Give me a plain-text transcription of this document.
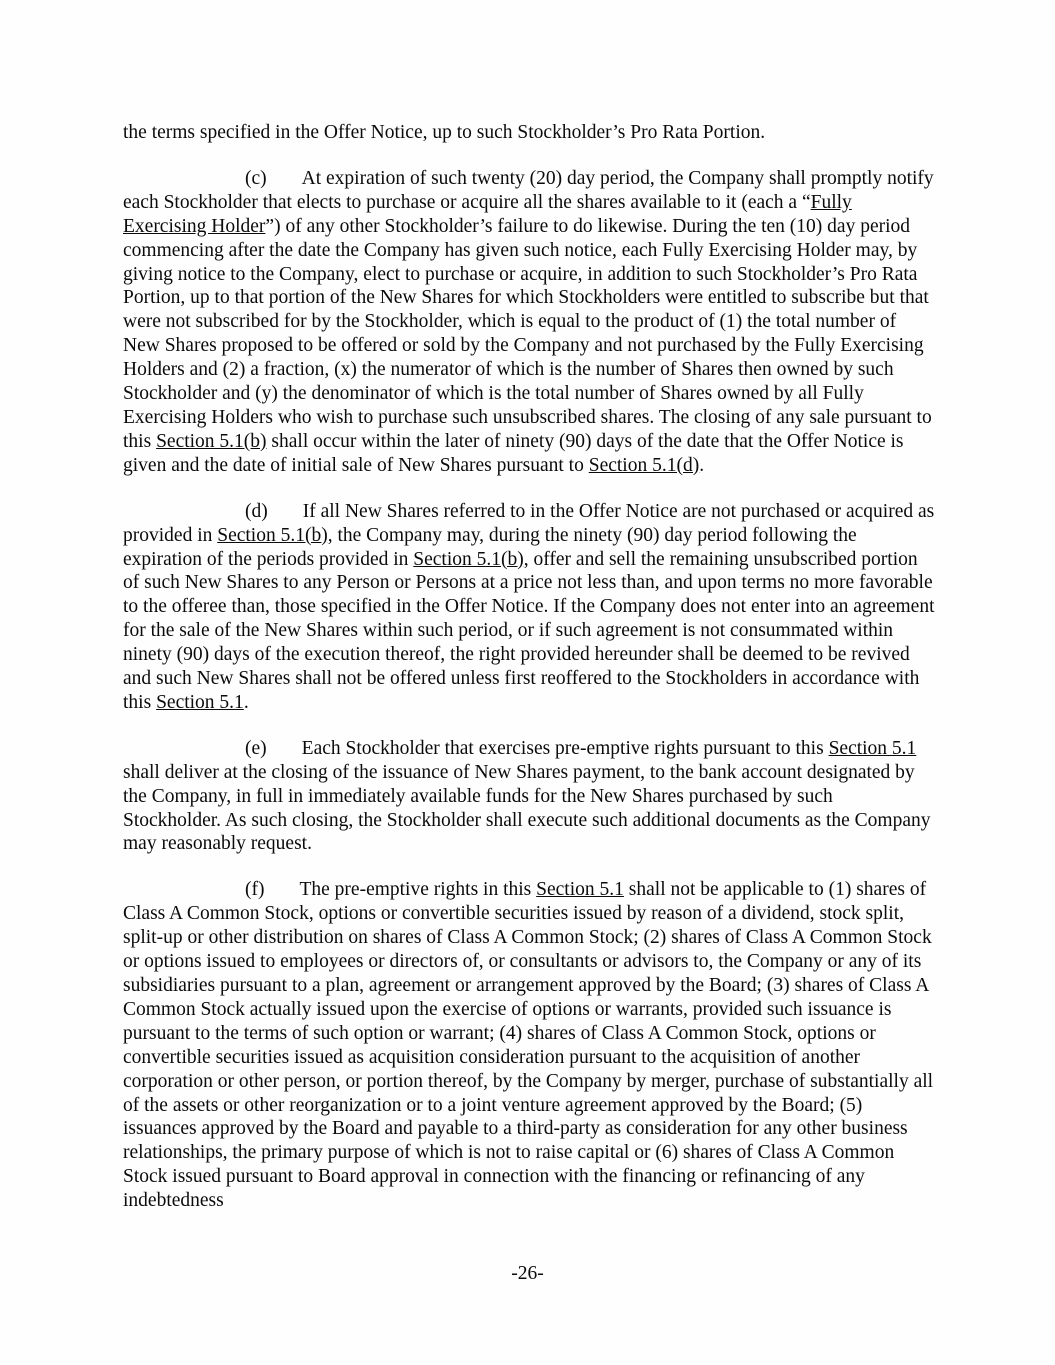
the terms specified in the Offer Notice, up to such Stockholder’s Pro Rata Portion.

(c) At expiration of such twenty (20) day period, the Company shall promptly notify each Stockholder that elects to purchase or acquire all the shares available to it (each a “Fully Exercising Holder”) of any other Stockholder’s failure to do likewise. During the ten (10) day period commencing after the date the Company has given such notice, each Fully Exercising Holder may, by giving notice to the Company, elect to purchase or acquire, in addition to such Stockholder’s Pro Rata Portion, up to that portion of the New Shares for which Stockholders were entitled to subscribe but that were not subscribed for by the Stockholder, which is equal to the product of (1) the total number of New Shares proposed to be offered or sold by the Company and not purchased by the Fully Exercising Holders and (2) a fraction, (x) the numerator of which is the number of Shares then owned by such Stockholder and (y) the denominator of which is the total number of Shares owned by all Fully Exercising Holders who wish to purchase such unsubscribed shares. The closing of any sale pursuant to this Section 5.1(b) shall occur within the later of ninety (90) days of the date that the Offer Notice is given and the date of initial sale of New Shares pursuant to Section 5.1(d).

(d) If all New Shares referred to in the Offer Notice are not purchased or acquired as provided in Section 5.1(b), the Company may, during the ninety (90) day period following the expiration of the periods provided in Section 5.1(b), offer and sell the remaining unsubscribed portion of such New Shares to any Person or Persons at a price not less than, and upon terms no more favorable to the offeree than, those specified in the Offer Notice. If the Company does not enter into an agreement for the sale of the New Shares within such period, or if such agreement is not consummated within ninety (90) days of the execution thereof, the right provided hereunder shall be deemed to be revived and such New Shares shall not be offered unless first reoffered to the Stockholders in accordance with this Section 5.1.

(e) Each Stockholder that exercises pre-emptive rights pursuant to this Section 5.1 shall deliver at the closing of the issuance of New Shares payment, to the bank account designated by the Company, in full in immediately available funds for the New Shares purchased by such Stockholder. As such closing, the Stockholder shall execute such additional documents as the Company may reasonably request.

(f) The pre-emptive rights in this Section 5.1 shall not be applicable to (1) shares of Class A Common Stock, options or convertible securities issued by reason of a dividend, stock split, split-up or other distribution on shares of Class A Common Stock; (2) shares of Class A Common Stock or options issued to employees or directors of, or consultants or advisors to, the Company or any of its subsidiaries pursuant to a plan, agreement or arrangement approved by the Board; (3) shares of Class A Common Stock actually issued upon the exercise of options or warrants, provided such issuance is pursuant to the terms of such option or warrant; (4) shares of Class A Common Stock, options or convertible securities issued as acquisition consideration pursuant to the acquisition of another corporation or other person, or portion thereof, by the Company by merger, purchase of substantially all of the assets or other reorganization or to a joint venture agreement approved by the Board; (5) issuances approved by the Board and payable to a third-party as consideration for any other business relationships, the primary purpose of which is not to raise capital or (6) shares of Class A Common Stock issued pursuant to Board approval in connection with the financing or refinancing of any indebtedness

-26-
